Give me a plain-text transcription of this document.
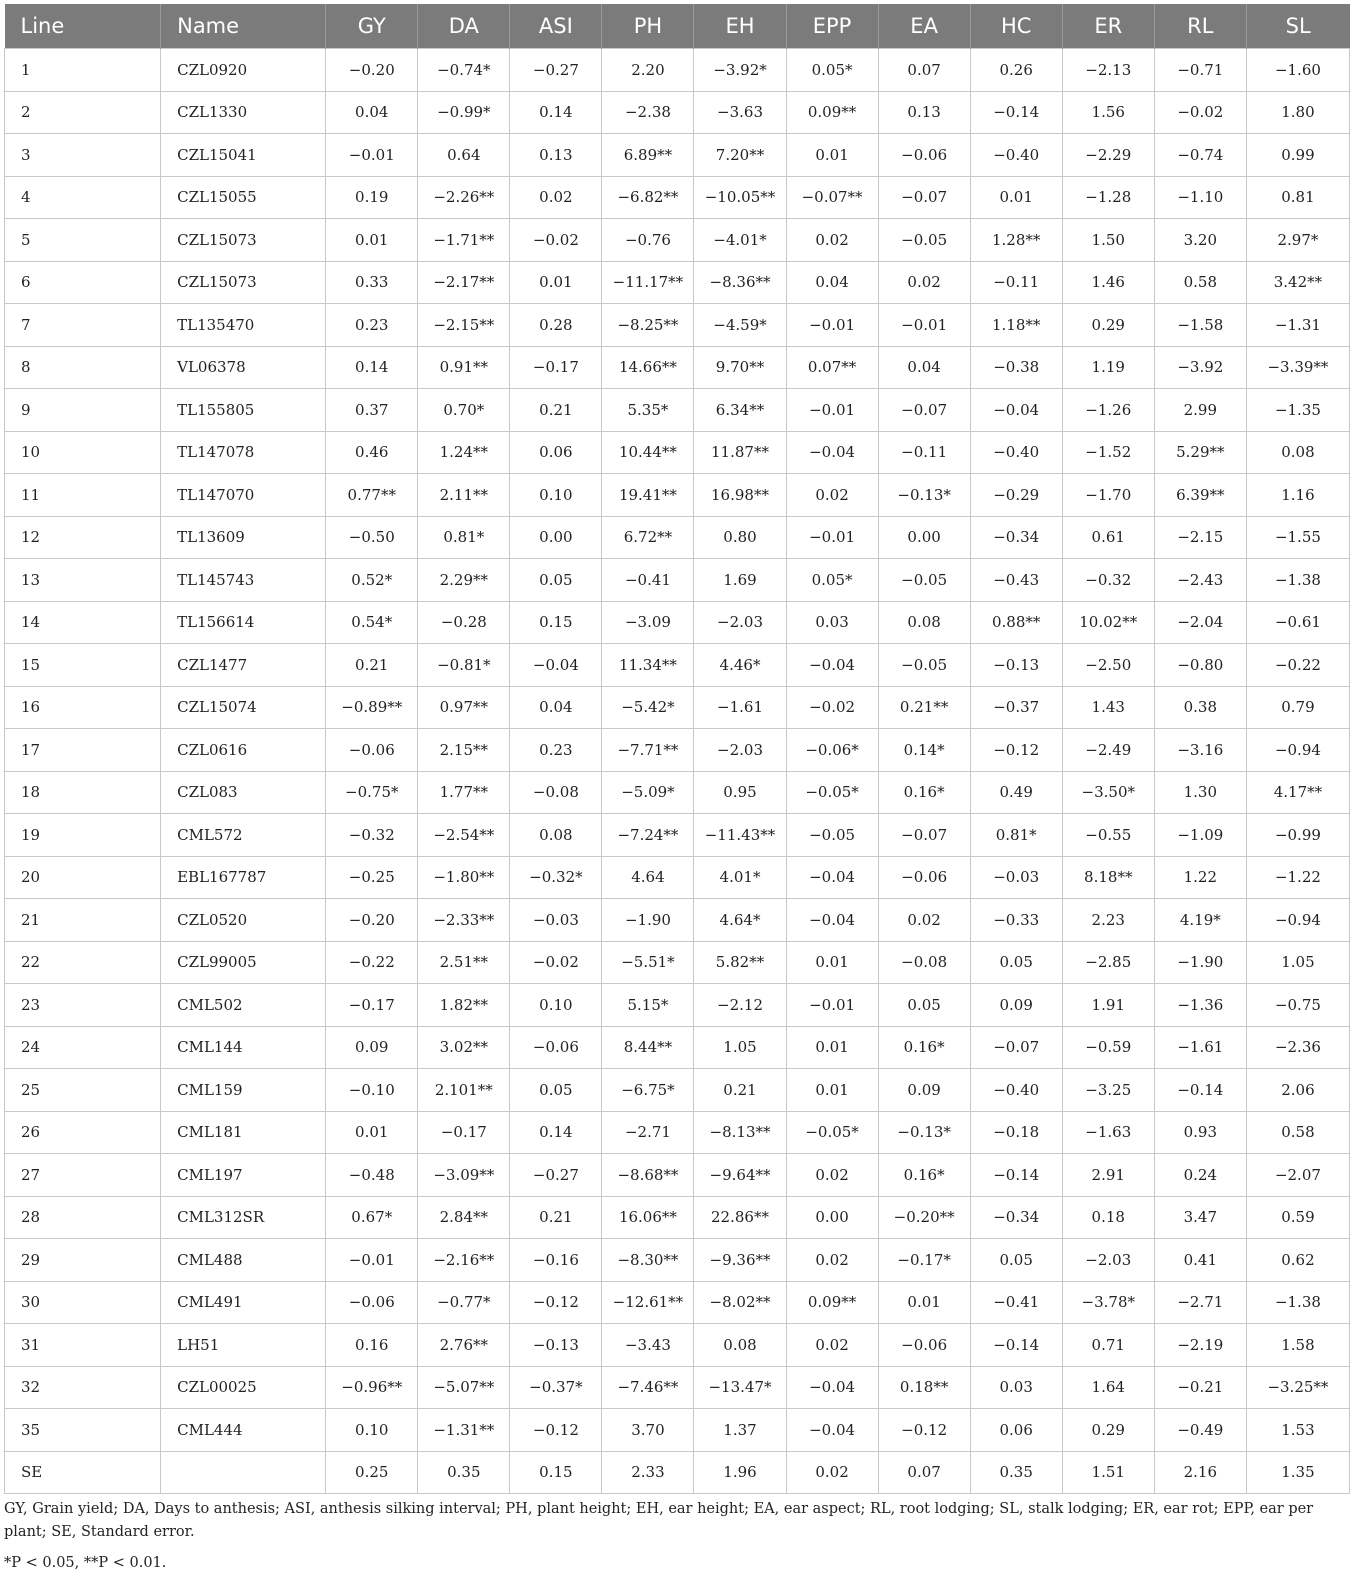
Line	Name	GY	DA	ASI	PH	EH	EPP	EA	HC	ER	RL	SL
1	CZL0920	−0.20	−0.74*	−0.27	2.20	−3.92*	0.05*	0.07	0.26	−2.13	−0.71	−1.60
2	CZL1330	0.04	−0.99*	0.14	−2.38	−3.63	0.09**	0.13	−0.14	1.56	−0.02	1.80
3	CZL15041	−0.01	0.64	0.13	6.89**	7.20**	0.01	−0.06	−0.40	−2.29	−0.74	0.99
4	CZL15055	0.19	−2.26**	0.02	−6.82**	−10.05**	−0.07**	−0.07	0.01	−1.28	−1.10	0.81
5	CZL15073	0.01	−1.71**	−0.02	−0.76	−4.01*	0.02	−0.05	1.28**	1.50	3.20	2.97*
6	CZL15073	0.33	−2.17**	0.01	−11.17**	−8.36**	0.04	0.02	−0.11	1.46	0.58	3.42**
7	TL135470	0.23	−2.15**	0.28	−8.25**	−4.59*	−0.01	−0.01	1.18**	0.29	−1.58	−1.31
8	VL06378	0.14	0.91**	−0.17	14.66**	9.70**	0.07**	0.04	−0.38	1.19	−3.92	−3.39**
9	TL155805	0.37	0.70*	0.21	5.35*	6.34**	−0.01	−0.07	−0.04	−1.26	2.99	−1.35
10	TL147078	0.46	1.24**	0.06	10.44**	11.87**	−0.04	−0.11	−0.40	−1.52	5.29**	0.08
11	TL147070	0.77**	2.11**	0.10	19.41**	16.98**	0.02	−0.13*	−0.29	−1.70	6.39**	1.16
12	TL13609	−0.50	0.81*	0.00	6.72**	0.80	−0.01	0.00	−0.34	0.61	−2.15	−1.55
13	TL145743	0.52*	2.29**	0.05	−0.41	1.69	0.05*	−0.05	−0.43	−0.32	−2.43	−1.38
14	TL156614	0.54*	−0.28	0.15	−3.09	−2.03	0.03	0.08	0.88**	10.02**	−2.04	−0.61
15	CZL1477	0.21	−0.81*	−0.04	11.34**	4.46*	−0.04	−0.05	−0.13	−2.50	−0.80	−0.22
16	CZL15074	−0.89**	0.97**	0.04	−5.42*	−1.61	−0.02	0.21**	−0.37	1.43	0.38	0.79
17	CZL0616	−0.06	2.15**	0.23	−7.71**	−2.03	−0.06*	0.14*	−0.12	−2.49	−3.16	−0.94
18	CZL083	−0.75*	1.77**	−0.08	−5.09*	0.95	−0.05*	0.16*	0.49	−3.50*	1.30	4.17**
19	CML572	−0.32	−2.54**	0.08	−7.24**	−11.43**	−0.05	−0.07	0.81*	−0.55	−1.09	−0.99
20	EBL167787	−0.25	−1.80**	−0.32*	4.64	4.01*	−0.04	−0.06	−0.03	8.18**	1.22	−1.22
21	CZL0520	−0.20	−2.33**	−0.03	−1.90	4.64*	−0.04	0.02	−0.33	2.23	4.19*	−0.94
22	CZL99005	−0.22	2.51**	−0.02	−5.51*	5.82**	0.01	−0.08	0.05	−2.85	−1.90	1.05
23	CML502	−0.17	1.82**	0.10	5.15*	−2.12	−0.01	0.05	0.09	1.91	−1.36	−0.75
24	CML144	0.09	3.02**	−0.06	8.44**	1.05	0.01	0.16*	−0.07	−0.59	−1.61	−2.36
25	CML159	−0.10	2.101**	0.05	−6.75*	0.21	0.01	0.09	−0.40	−3.25	−0.14	2.06
26	CML181	0.01	−0.17	0.14	−2.71	−8.13**	−0.05*	−0.13*	−0.18	−1.63	0.93	0.58
27	CML197	−0.48	−3.09**	−0.27	−8.68**	−9.64**	0.02	0.16*	−0.14	2.91	0.24	−2.07
28	CML312SR	0.67*	2.84**	0.21	16.06**	22.86**	0.00	−0.20**	−0.34	0.18	3.47	0.59
29	CML488	−0.01	−2.16**	−0.16	−8.30**	−9.36**	0.02	−0.17*	0.05	−2.03	0.41	0.62
30	CML491	−0.06	−0.77*	−0.12	−12.61**	−8.02**	0.09**	0.01	−0.41	−3.78*	−2.71	−1.38
31	LH51	0.16	2.76**	−0.13	−3.43	0.08	0.02	−0.06	−0.14	0.71	−2.19	1.58
32	CZL00025	−0.96**	−5.07**	−0.37*	−7.46**	−13.47*	−0.04	0.18**	0.03	1.64	−0.21	−3.25**
35	CML444	0.10	−1.31**	−0.12	3.70	1.37	−0.04	−0.12	0.06	0.29	−0.49	1.53
SE		0.25	0.35	0.15	2.33	1.96	0.02	0.07	0.35	1.51	2.16	1.35

GY, Grain yield; DA, Days to anthesis; ASI, anthesis silking interval; PH, plant height; EH, ear height; EA, ear aspect; RL, root lodging; SL, stalk lodging; ER, ear rot; EPP, ear per plant; SE, Standard error.

*P < 0.05, **P < 0.01.
